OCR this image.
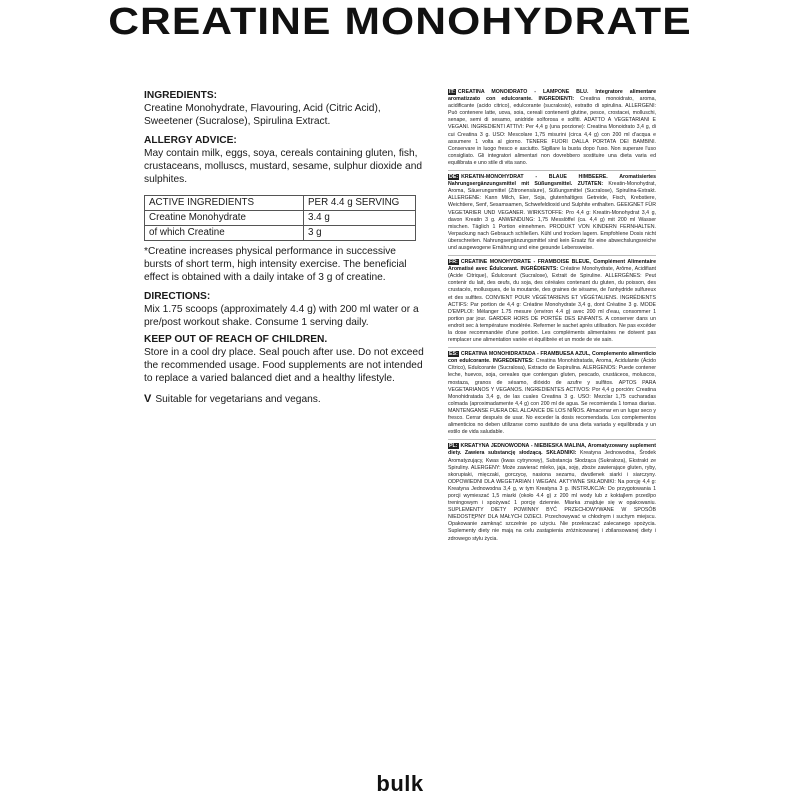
CREATINE MONOHYDRATE

INGREDIENTS:

Creatine Monohydrate, Flavouring, Acid (Citric Acid), Sweetener (Sucralose), Spirulina Extract.

ALLERGY ADVICE:

May contain milk, eggs, soya, cereals containing gluten, fish, crustaceans, molluscs, mustard, sesame, sulphur dioxide and sulphites.

ACTIVE INGREDIENTS	PER 4.4 g SERVING
Creatine Monohydrate	3.4 g
of which Creatine	3 g

*Creatine increases physical performance in successive bursts of short term, high intensity exercise. The beneficial effect is obtained with a daily intake of 3 g of creatine.

DIRECTIONS:

Mix 1.75 scoops (approximately 4.4 g) with 200 ml water or a pre/post workout shake. Consume 1 serving daily.

KEEP OUT OF REACH OF CHILDREN.

Store in a cool dry place. Seal pouch after use. Do not exceed the recommended usage. Food supplements are not intended to replace a varied balanced diet and a healthy lifestyle.

V Suitable for vegetarians and vegans.
IT: CREATINA MONOIDRATO - LAMPONE BLU. Integratore alimentare aromatizzato con edulcorante. INGREDIENTI: Creatina monoidrato, aroma, acidificante (acido citrico), edulcorante (sucralosio), estratto di spirulina. ALLERGENI: Può contenere latte, uova, soia, cereali contenenti glutine, pesce, crostacei, molluschi, senape, semi di sesamo, anidride solforosa e solfiti. ADATTO A VEGETARIANI E VEGANI. INGREDIENTI ATTIVI: Per 4,4 g (una porzione): Creatina Monoidrato 3,4 g, di cui Creatina 3 g. USO: Mescolare 1,75 misurini (circa 4,4 g) con 200 ml d'acqua e assumere 1 volta al giorno. TENERE FUORI DALLA PORTATA DEI BAMBINI. Conservare in luogo fresco e asciutto. Sigillare la busta dopo l'uso. Non superare l'uso consigliato. Gli integratori alimentari non dovrebbero sostituire una dieta varia ed equilibrata e uno stile di vita sano.
DE: KREATIN-MONOHYDRAT - BLAUE HIMBEERE. Aromatisiertes Nahrungsergänzungsmittel mit Süßungsmittel. ZUTATEN: Kreatin-Monohydrat, Aroma, Säuerungsmittel (Zitronensäure), Süßungsmittel (Sucralose), Spirulina-Extrakt. ALLERGENE: Kann Milch, Eier, Soja, glutenhaltiges Getreide, Fisch, Krebstiere, Weichtiere, Senf, Sesamsamen, Schwefeldioxid und Sulphite enthalten. GEEIGNET FÜR VEGETARIER UND VEGANER. WIRKSTOFFE: Pro 4,4 g: Kreatin-Monohydrat 3,4 g, davon Kreatin 3 g. ANWENDUNG: 1,75 Messlöffel (ca. 4,4 g) mit 200 ml Wasser mischen. Täglich 1 Portion einnehmen. PRODUKT VON KINDERN FERNHALTEN. Verpackung nach Gebrauch schließen. Kühl und trocken lagern. Empfohlene Dosis nicht überschreiten. Nahrungsergänzungsmittel sind kein Ersatz für eine abwechslungsreiche und ausgewogene Ernährung und eine gesunde Lebensweise.
FR: CREATINE MONOHYDRATE - FRAMBOISE BLEUE, Complément Alimentaire Aromatisé avec Édulcorant. INGRÉDIENTS: Créatine Monohydrate, Arôme, Acidifiant (Acide Citrique), Édulcorant (Sucralose), Extrait de Spiruline. ALLERGÈNES: Peut contenir du lait, des œufs, du soja, des céréales contenant du gluten, du poisson, des crustacés, mollusques, de la moutarde, des graines de sésame, de l'anhydride sulfureux et des sulfites. CONVIENT POUR VÉGÉTARIENS ET VÉGÉTALIENS. INGRÉDIENTS ACTIFS: Par portion de 4,4 g: Créatine Monohydrate 3,4 g, dont Créatine 3 g. MODE D'EMPLOI: Mélanger 1.75 mesure (environ 4.4 g) avec 200 ml d'eau, consommer 1 portion par jour. GARDER HORS DE PORTÉE DES ENFANTS. A conserver dans un endroit sec à température modérée. Refermer le sachet après utilisation. Ne pas excéder la dose recommandée d'une portion. Les compléments alimentaires ne doivent pas remplacer une alimentation variée et équilibrée et un mode de vie sain.
ES: CREATINA MONOHIDRATADA - FRAMBUESA AZUL, Complemento alimenticio con edulcorante. INGREDIENTES: Creatina Monohidratada, Aroma, Acidulante (Ácido Cítrico), Edulcorante (Sucralosa), Extracto de Espirulina. ALERGENOS: Puede contener leche, huevos, soja, cereales que contengan gluten, pescado, crustáceos, moluscos, mostaza, granos de sésamo, dióxido de azufre y sulfitos. APTOS PARA VEGETARIANOS Y VEGANOS. INGREDIENTES ACTIVOS: Por 4,4 g porción: Creatina Monohidratada 3,4 g, de las cuales Creatina 3 g. USO: Mezclar 1,75 cucharadas colmada (aproximadamente 4,4 g) con 200 ml de agua. Se recomienda 1 tomas diarias. MANTENGANSE FUERA DEL ALCANCE DE LOS NIÑOS. Almacenar en un lugar seco y fresco. Cerrar después de usar. No exceder la dosis recomendada. Los complementos alimenticios no deben utilizarse como sustituto de una dieta variada y equilibrada y un estilo de vida saludable.
PL: KREATYNA JEDNOWODNA - NIEBIESKA MALINA, Aromatyzowany suplement diety. Zawiera substancję słodzącą. SKŁADNIKI: Kreatyna Jednowodna, Środek Aromatyzujący, Kwas (kwas cytrynowy), Substancja Słodząca (Sukraloza), Ekstrakt ze Spiruliny. ALERGENY: Może zawierać mleko, jaja, soję, zboże zawierające gluten, ryby, skorupiaki, mięczaki, gorczycę, nasiona sezamu, dwutlenek siarki i siarczyny. ODPOWIEDNI DLA WEGETARIAN I WEGAN. AKTYWNE SKŁADNIKI: Na porcję 4,4 g: Kreatyna Jednowodna 3,4 g, w tym Kreatyna 3 g. INSTRUKCJA: Do przygotowania 1 porcji wymieszać 1,5 miarki (około 4.4 g) z 200 ml wody lub z koktajlem przed/po treningowym i spożywać 1 porcję dziennie. Miarka znajduje się w opakowaniu. SUPLEMENTY DIETY POWINNY BYĆ PRZECHOWYWANE W SPOSÓB NIEDOSTĘPNY DLA MAŁYCH DZIECI. Przechowywać w chłodnym i suchym miejscu. Opakowanie zamknąć szczelnie po użyciu. Nie przekraczać zalecanego spożycia. Suplementy diety nie mają na celu zastąpienia zróżnicowanej i zbilansowanej diety i zdrowego stylu życia.
bulk
